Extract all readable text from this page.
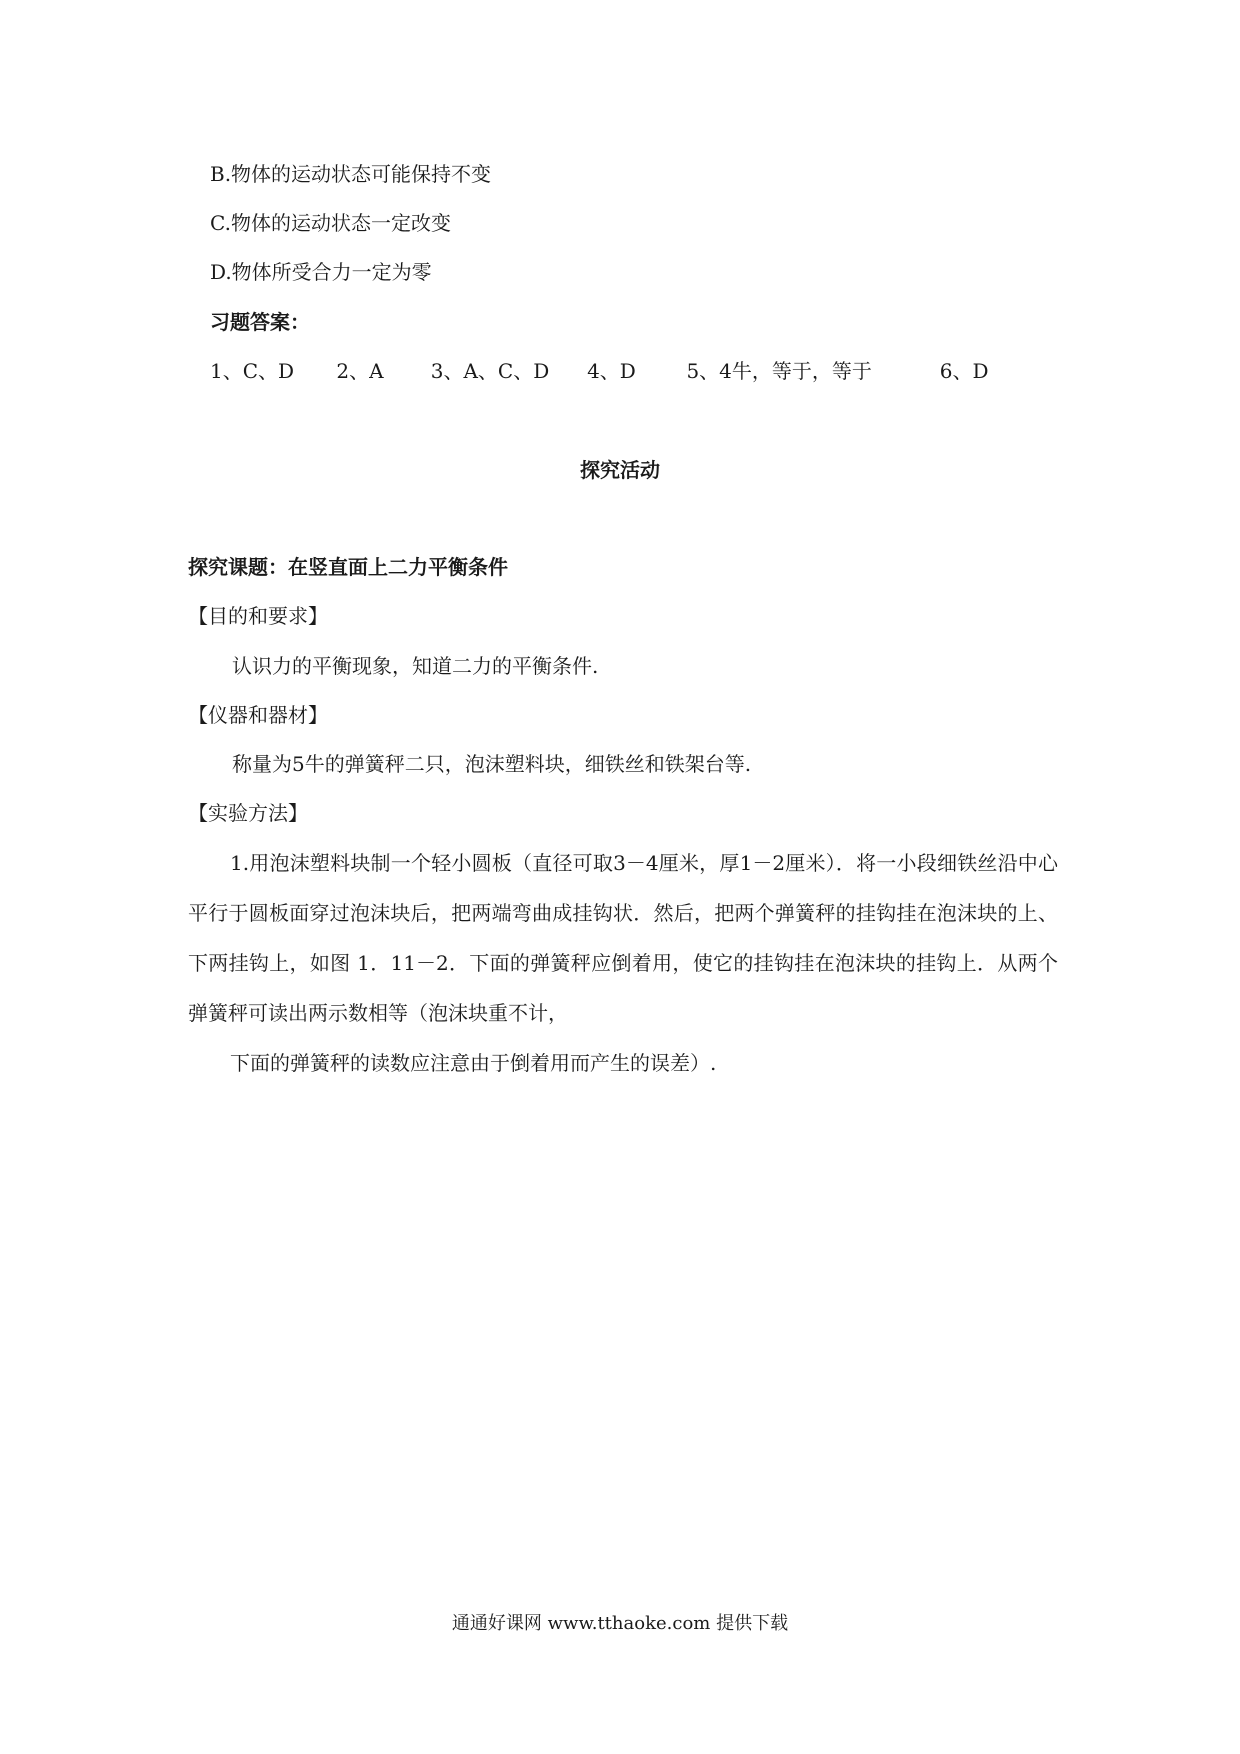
B.物体的运动状态可能保持不变
C.物体的运动状态一定改变
D.物体所受合力一定为零
习题答案：
1、C、D 2、A 3、A、C、D 4、D	5、4牛，等于，等于	6、D
探究活动
探究课题：在竖直面上二力平衡条件
【目的和要求】
认识力的平衡现象，知道二力的平衡条件.
【仪器和器材】
称量为5牛的弹簧秤二只，泡沫塑料块，细铁丝和铁架台等.
【实验方法】

1.用泡沫塑料块制一个轻小圆板（直径可取3－4厘米，厚1－2厘米）．将一小段细铁丝沿中心平行于圆板面穿过泡沫块后，把两端弯曲成挂钩状．然后，把两个弹簧秤的挂钩挂在泡沫块的上、下两挂钩上，如图 1．11－2．下面的弹簧秤应倒着用，使它的挂钩挂在泡沫块的挂钩上．从两个弹簧秤可读出两示数相等（泡沫块重不计，

下面的弹簧秤的读数应注意由于倒着用而产生的误差）.

通通好课网 www.tthaoke.com 提供下载
